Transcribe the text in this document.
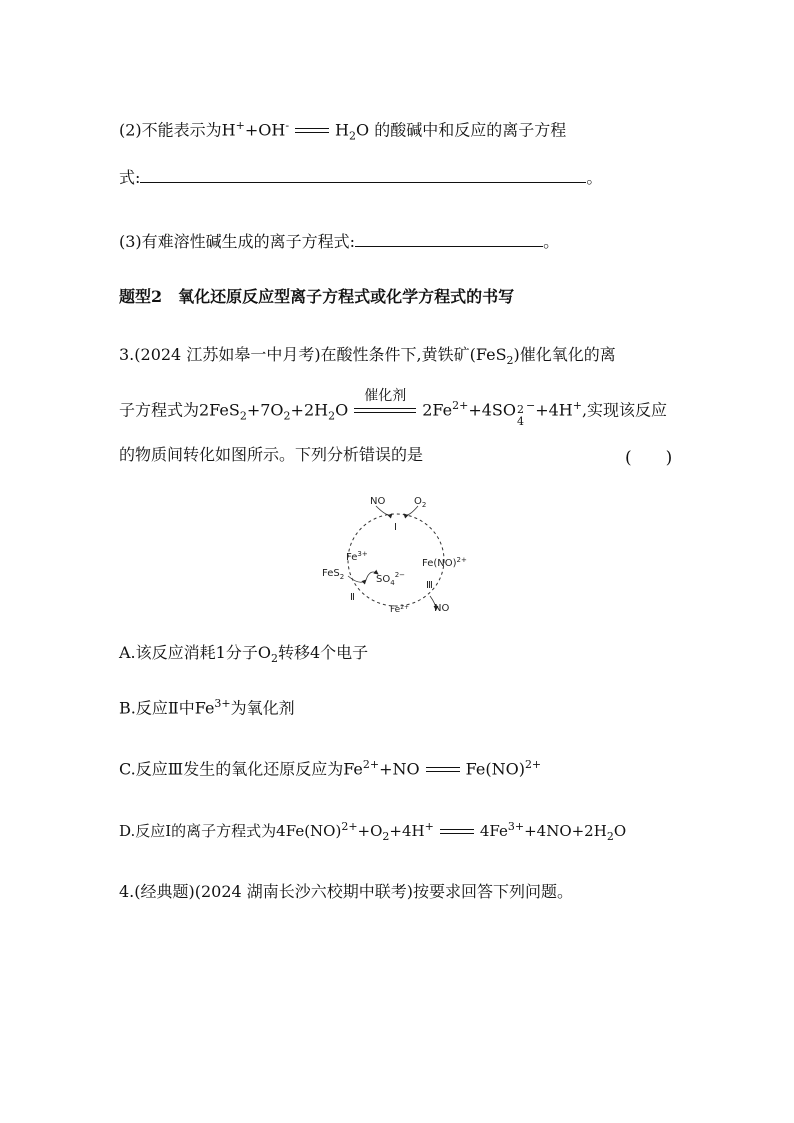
(2)不能表示为H++OH-	$H_2O$ 的酸碱中和反应的离子方程
式:	。
(3)有难溶性碱生成的离子方程式:	。
题型2　氧化还原反应型离子方程式或化学方程式的书写
3.(2024 江苏如皋一中月考)在酸性条件下,黄铁矿(FeS$_2$)催化氧化的离
子方程式为$2FeS_2+7O_2+2H_2O$
催化剂
$2Fe^{2+}+4SO$ 2
4
−+4H+,实现该反应
的物质间转化如图所示。下列分析错误的是	(　　)
NO	$O_2$
Ⅰ
$Fe^{3+}$
FeS$_2$	$SO_4^{2-}$
Ⅱ
$Fe^{2+}$
Fe(NO)$^{2+}$
Ⅲ
NO
A.该反应消耗1分子$O_2$转移4个电子
B.反应Ⅱ中$Fe^{3+}$为氧化剂
C.反应Ⅲ发生的氧化还原反应为$Fe^{2+}+NO$	Fe(NO)$^{2+}$
D.反应Ⅰ的离子方程式为$4Fe(NO)^{2+}+O_2+4H^+$	$4Fe^{3+}+4NO+2H_2O$
4.(经典题)(2024 湖南长沙六校期中联考)按要求回答下列问题。
